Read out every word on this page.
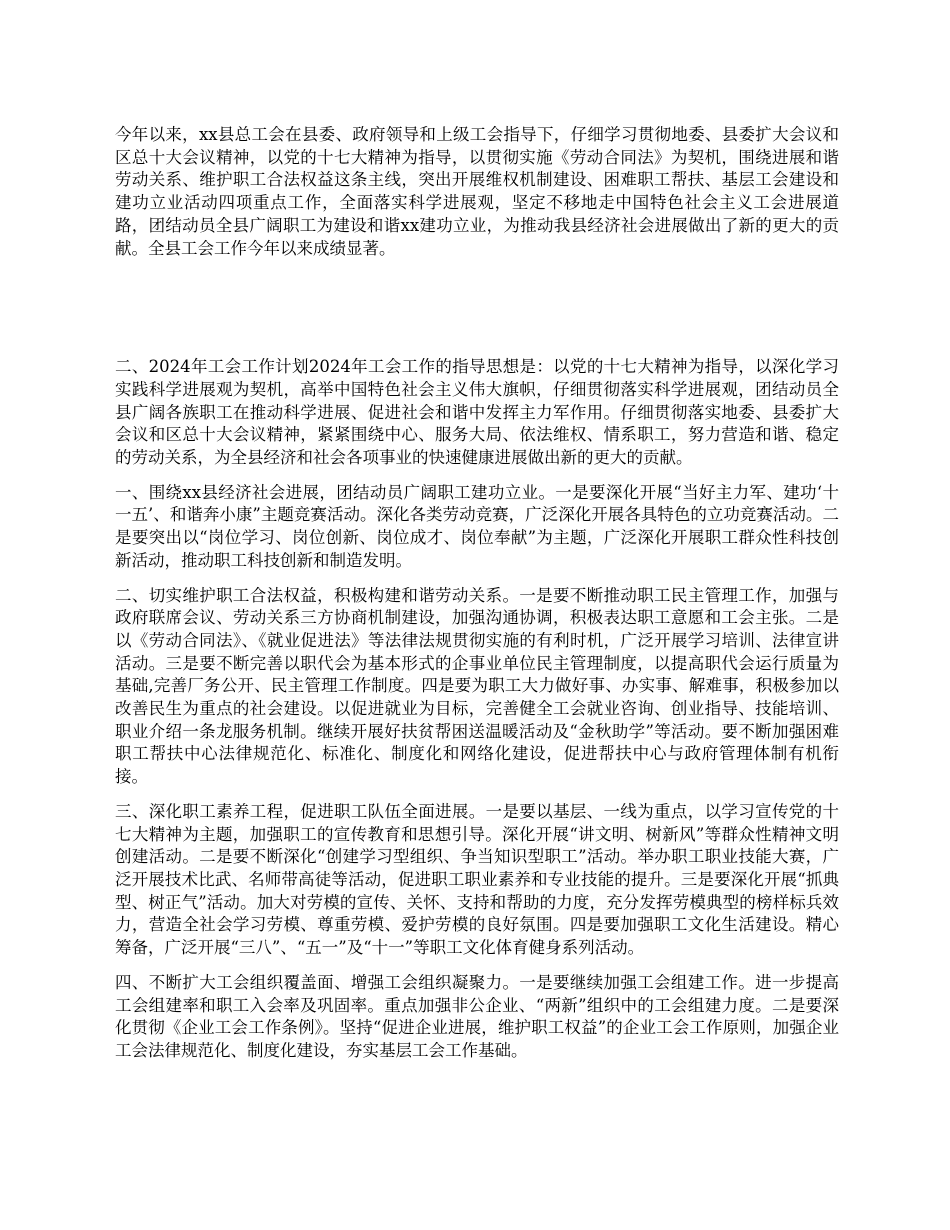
今年以来，xx县总工会在县委、政府领导和上级工会指导下，仔细学习贯彻地委、县委扩大会议和区总十大会议精神，以党的十七大精神为指导，以贯彻实施《劳动合同法》为契机，围绕进展和谐劳动关系、维护职工合法权益这条主线，突出开展维权机制建设、困难职工帮扶、基层工会建设和建功立业活动四项重点工作，全面落实科学进展观，坚定不移地走中国特色社会主义工会进展道路，团结动员全县广阔职工为建设和谐xx建功立业，为推动我县经济社会进展做出了新的更大的贡献。全县工会工作今年以来成绩显著。

二、2024年工会工作计划2024年工会工作的指导思想是：以党的十七大精神为指导，以深化学习实践科学进展观为契机，高举中国特色社会主义伟大旗帜，仔细贯彻落实科学进展观，团结动员全县广阔各族职工在推动科学进展、促进社会和谐中发挥主力军作用。仔细贯彻落实地委、县委扩大会议和区总十大会议精神，紧紧围绕中心、服务大局、依法维权、情系职工，努力营造和谐、稳定的劳动关系，为全县经济和社会各项事业的快速健康进展做出新的更大的贡献。

一、围绕xx县经济社会进展，团结动员广阔职工建功立业。一是要深化开展“当好主力军、建功‘十一五’、和谐奔小康”主题竞赛活动。深化各类劳动竞赛，广泛深化开展各具特色的立功竞赛活动。二是要突出以“岗位学习、岗位创新、岗位成才、岗位奉献”为主题，广泛深化开展职工群众性科技创新活动，推动职工科技创新和制造发明。

二、切实维护职工合法权益，积极构建和谐劳动关系。一是要不断推动职工民主管理工作，加强与政府联席会议、劳动关系三方协商机制建设，加强沟通协调，积极表达职工意愿和工会主张。二是以《劳动合同法》、《就业促进法》等法律法规贯彻实施的有利时机，广泛开展学习培训、法律宣讲活动。三是要不断完善以职代会为基本形式的企事业单位民主管理制度，以提高职代会运行质量为基础,完善厂务公开、民主管理工作制度。四是要为职工大力做好事、办实事、解难事，积极参加以改善民生为重点的社会建设。以促进就业为目标，完善健全工会就业咨询、创业指导、技能培训、职业介绍一条龙服务机制。继续开展好扶贫帮困送温暖活动及“金秋助学”等活动。要不断加强困难职工帮扶中心法律规范化、标准化、制度化和网络化建设，促进帮扶中心与政府管理体制有机衔接。

三、深化职工素养工程，促进职工队伍全面进展。一是要以基层、一线为重点，以学习宣传党的十七大精神为主题，加强职工的宣传教育和思想引导。深化开展“讲文明、树新风”等群众性精神文明创建活动。二是要不断深化“创建学习型组织、争当知识型职工”活动。举办职工职业技能大赛，广泛开展技术比武、名师带高徒等活动，促进职工职业素养和专业技能的提升。三是要深化开展“抓典型、树正气”活动。加大对劳模的宣传、关怀、支持和帮助的力度，充分发挥劳模典型的榜样标兵效力，营造全社会学习劳模、尊重劳模、爱护劳模的良好氛围。四是要加强职工文化生活建设。精心筹备，广泛开展“三八”、“五一”及“十一”等职工文化体育健身系列活动。

四、不断扩大工会组织覆盖面、增强工会组织凝聚力。一是要继续加强工会组建工作。进一步提高工会组建率和职工入会率及巩固率。重点加强非公企业、“两新”组织中的工会组建力度。二是要深化贯彻《企业工会工作条例》。坚持“促进企业进展，维护职工权益”的企业工会工作原则，加强企业工会法律规范化、制度化建设，夯实基层工会工作基础。
